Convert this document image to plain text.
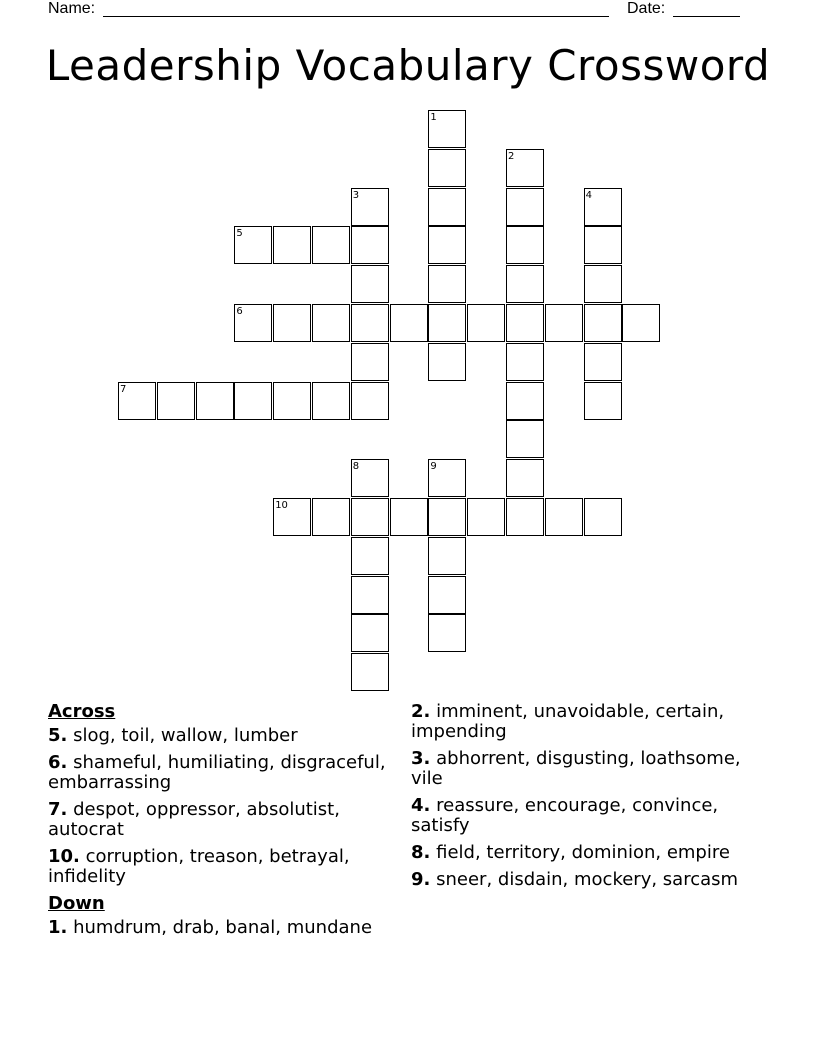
Name:	Date:
Leadership Vocabulary Crossword
1
2
3	4
5
6
7
8	9
10
Across
5. slog, toil, wallow, lumber
6. shameful, humiliating, disgraceful, embarrassing
7. despot, oppressor, absolutist, autocrat
10. corruption, treason, betrayal, infidelity
Down
1. humdrum, drab, banal, mundane
2. imminent, unavoidable, certain, impending
3. abhorrent, disgusting, loathsome, vile
4. reassure, encourage, convince, satisfy
8. field, territory, dominion, empire
9. sneer, disdain, mockery, sarcasm
